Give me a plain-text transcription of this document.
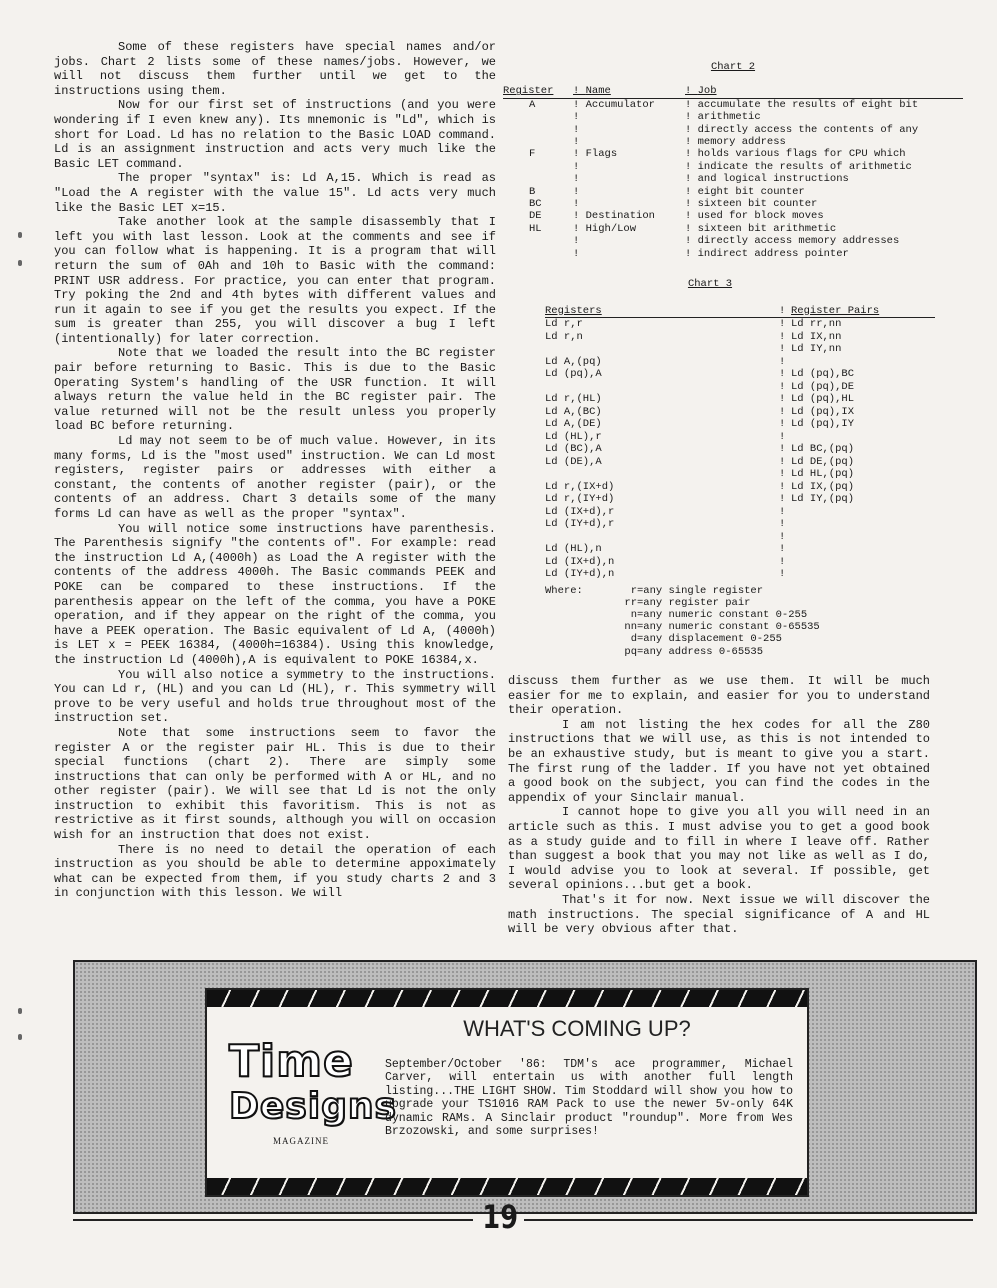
Some of these registers have special names and/or jobs. Chart 2 lists some of these names/jobs. However, we will not discuss them further until we get to the instructions using them.

Now for our first set of instructions (and you were wondering if I even knew any). Its mnemonic is "Ld", which is short for Load. Ld has no relation to the Basic LOAD command. Ld is an assignment instruction and acts very much like the Basic LET command.

The proper "syntax" is: Ld A,15. Which is read as "Load the A register with the value 15". Ld acts very much like the Basic LET x=15.

Take another look at the sample disassembly that I left you with last lesson. Look at the comments and see if you can follow what is happening. It is a program that will return the sum of 0Ah and 10h to Basic with the command: PRINT USR address. For practice, you can enter that program. Try poking the 2nd and 4th bytes with different values and run it again to see if you get the results you expect. If the sum is greater than 255, you will discover a bug I left (intentionally) for later correction.

Note that we loaded the result into the BC register pair before returning to Basic. This is due to the Basic Operating System's handling of the USR function. It will always return the value held in the BC register pair. The value returned will not be the result unless you properly load BC before returning.

Ld may not seem to be of much value. However, in its many forms, Ld is the "most used" instruction. We can Ld most registers, register pairs or addresses with either a constant, the contents of another register (pair), or the contents of an address. Chart 3 details some of the many forms Ld can have as well as the proper "syntax".

You will notice some instructions have parenthesis. The Parenthesis signify "the contents of". For example: read the instruction Ld A,(4000h) as Load the A register with the contents of the address 4000h. The Basic commands PEEK and POKE can be compared to these instructions. If the parenthesis appear on the left of the comma, you have a POKE operation, and if they appear on the right of the comma, you have a PEEK operation. The Basic equivalent of Ld A, (4000h) is LET x = PEEK 16384, (4000h=16384). Using this knowledge, the instruction Ld (4000h),A is equivalent to POKE 16384,x.

You will also notice a symmetry to the instructions. You can Ld r, (HL) and you can Ld (HL), r. This symmetry will prove to be very useful and holds true throughout most of the instruction set.

Note that some instructions seem to favor the register A or the register pair HL. This is due to their special functions (chart 2). There are simply some instructions that can only be performed with A or HL, and no other register (pair). We will see that Ld is not the only instruction to exhibit this favoritism. This is not as restrictive as it first sounds, although you will on occasion wish for an instruction that does not exist.

There is no need to detail the operation of each instruction as you should be able to determine appoximately what can be expected from them, if you study charts 2 and 3 in conjunction with this lesson. We will

Chart 2
Register	! Name	! Job
A	! Accumulator	! accumulate the results of eight bit
!	! arithmetic
!	! directly access the contents of any
!	! memory address
F	! Flags	! holds various flags for CPU which
!	! indicate the results of arithmetic
!	! and logical instructions
B	!	! eight bit counter
BC	!	! sixteen bit counter
DE	! Destination	! used for block moves
HL	! High/Low	! sixteen bit arithmetic
!	! directly access memory addresses
!	! indirect address pointer
Chart 3
Registers	! Register Pairs
Ld r,r	! Ld rr,nn
Ld r,n	! Ld IX,nn
! Ld IY,nn
Ld A,(pq)	!
Ld (pq),A	! Ld (pq),BC
! Ld (pq),DE
Ld r,(HL)	! Ld (pq),HL
Ld A,(BC)	! Ld (pq),IX
Ld A,(DE)	! Ld (pq),IY
Ld (HL),r	!
Ld (BC),A	! Ld BC,(pq)
Ld (DE),A	! Ld DE,(pq)
! Ld HL,(pq)
Ld r,(IX+d)	! Ld IX,(pq)
Ld r,(IY+d)	! Ld IY,(pq)
Ld (IX+d),r	!
Ld (IY+d),r	!
!
Ld (HL),n	!
Ld (IX+d),n	!
Ld (IY+d),n	!
Where:	r =any single register
rr =any register pair
n =any numeric constant 0-255
nn =any numeric constant 0-65535
d =any displacement 0-255
pq =any address 0-65535

discuss them further as we use them. It will be much easier for me to explain, and easier for you to understand their operation.

I am not listing the hex codes for all the Z80 instructions that we will use, as this is not intended to be an exhaustive study, but is meant to give you a start. The first rung of the ladder. If you have not yet obtained a good book on the subject, you can find the codes in the appendix of your Sinclair manual.

I cannot hope to give you all you will need in an article such as this. I must advise you to get a good book as a study guide and to fill in where I leave off. Rather than suggest a book that you may not like as well as I do, I would advise you to look at several. If possible, get several opinions...but get a book.

That's it for now. Next issue we will discover the math instructions. The special significance of A and HL will be very obvious after that.

WHAT'S COMING UP?
Time
Designs
MAGAZINE
September/October '86: TDM's ace programmer, Michael Carver, will entertain us with another full length listing...THE LIGHT SHOW. Tim Stoddard will show you how to upgrade your TS1016 RAM Pack to use the newer 5v-only 64K dynamic RAMs. A Sinclair product "roundup". More from Wes Brzozowski, and some surprises!
19
